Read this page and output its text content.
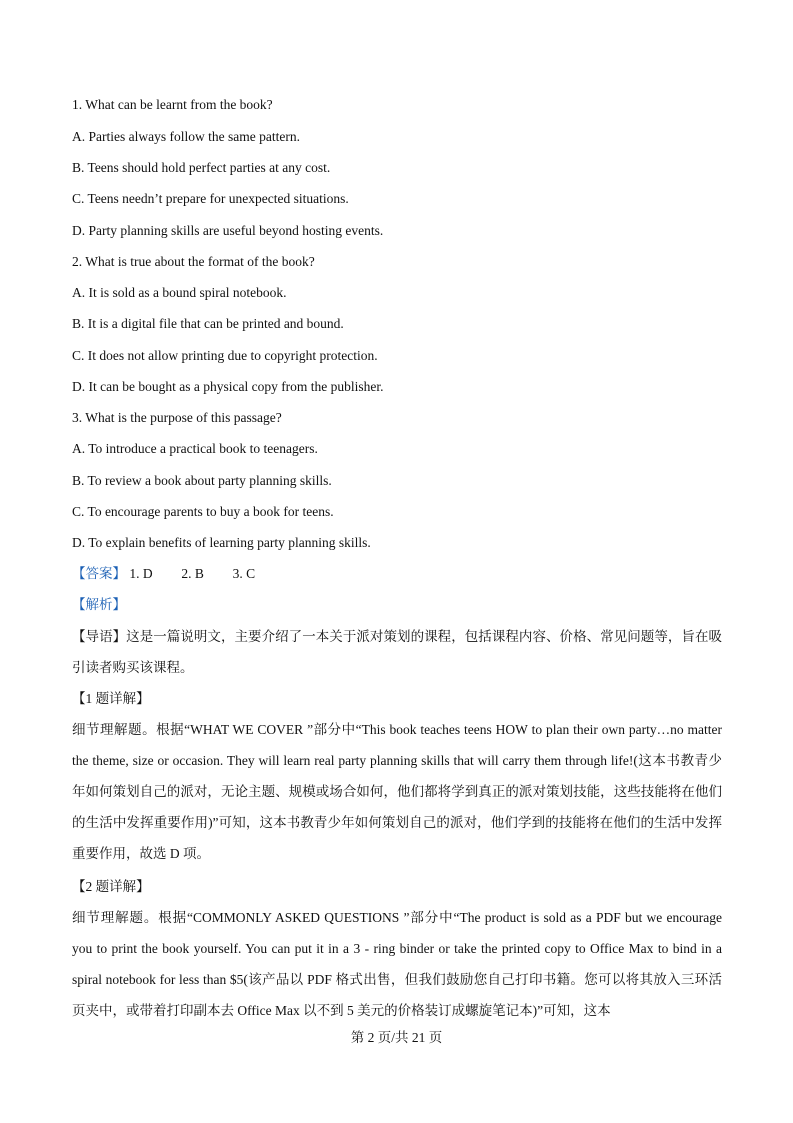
1. What can be learnt from the book?
A. Parties always follow the same pattern.
B. Teens should hold perfect parties at any cost.
C. Teens needn’t prepare for unexpected situations.
D. Party planning skills are useful beyond hosting events.
2. What is true about the format of the book?
A. It is sold as a bound spiral notebook.
B. It is a digital file that can be printed and bound.
C. It does not allow printing due to copyright protection.
D. It can be bought as a physical copy from the publisher.
3. What is the purpose of this passage?
A. To introduce a practical book to teenagers.
B. To review a book about party planning skills.
C. To encourage parents to buy a book for teens.
D. To explain benefits of learning party planning skills.
【答案】 1. D 2. B 3. C
【解析】
【导语】这是一篇说明文，主要介绍了一本关于派对策划的课程，包括课程内容、价格、常见问题等，旨在吸引读者购买该课程。
【1 题详解】
细节理解题。根据“WHAT WE COVER ”部分中“This book teaches teens HOW to plan their own party…no matter the theme, size or occasion. They will learn real party planning skills that will carry them through life!(这本书教青少年如何策划自己的派对，无论主题、规模或场合如何，他们都将学到真正的派对策划技能，这些技能将在他们的生活中发挥重要作用)”可知，这本书教青少年如何策划自己的派对，他们学到的技能将在他们的生活中发挥重要作用，故选 D 项。
【2 题详解】
细节理解题。根据“COMMONLY ASKED QUESTIONS ”部分中“The product is sold as a PDF but we encourage you to print the book yourself. You can put it in a 3 - ring binder or take the printed copy to Office Max to bind in a spiral notebook for less than $5(该产品以 PDF 格式出售，但我们鼓励您自己打印书籍。您可以将其放入三环活页夹中，或带着打印副本去 Office Max 以不到 5 美元的价格装订成螺旋笔记本)”可知，这本
第 2 页/共 21 页
